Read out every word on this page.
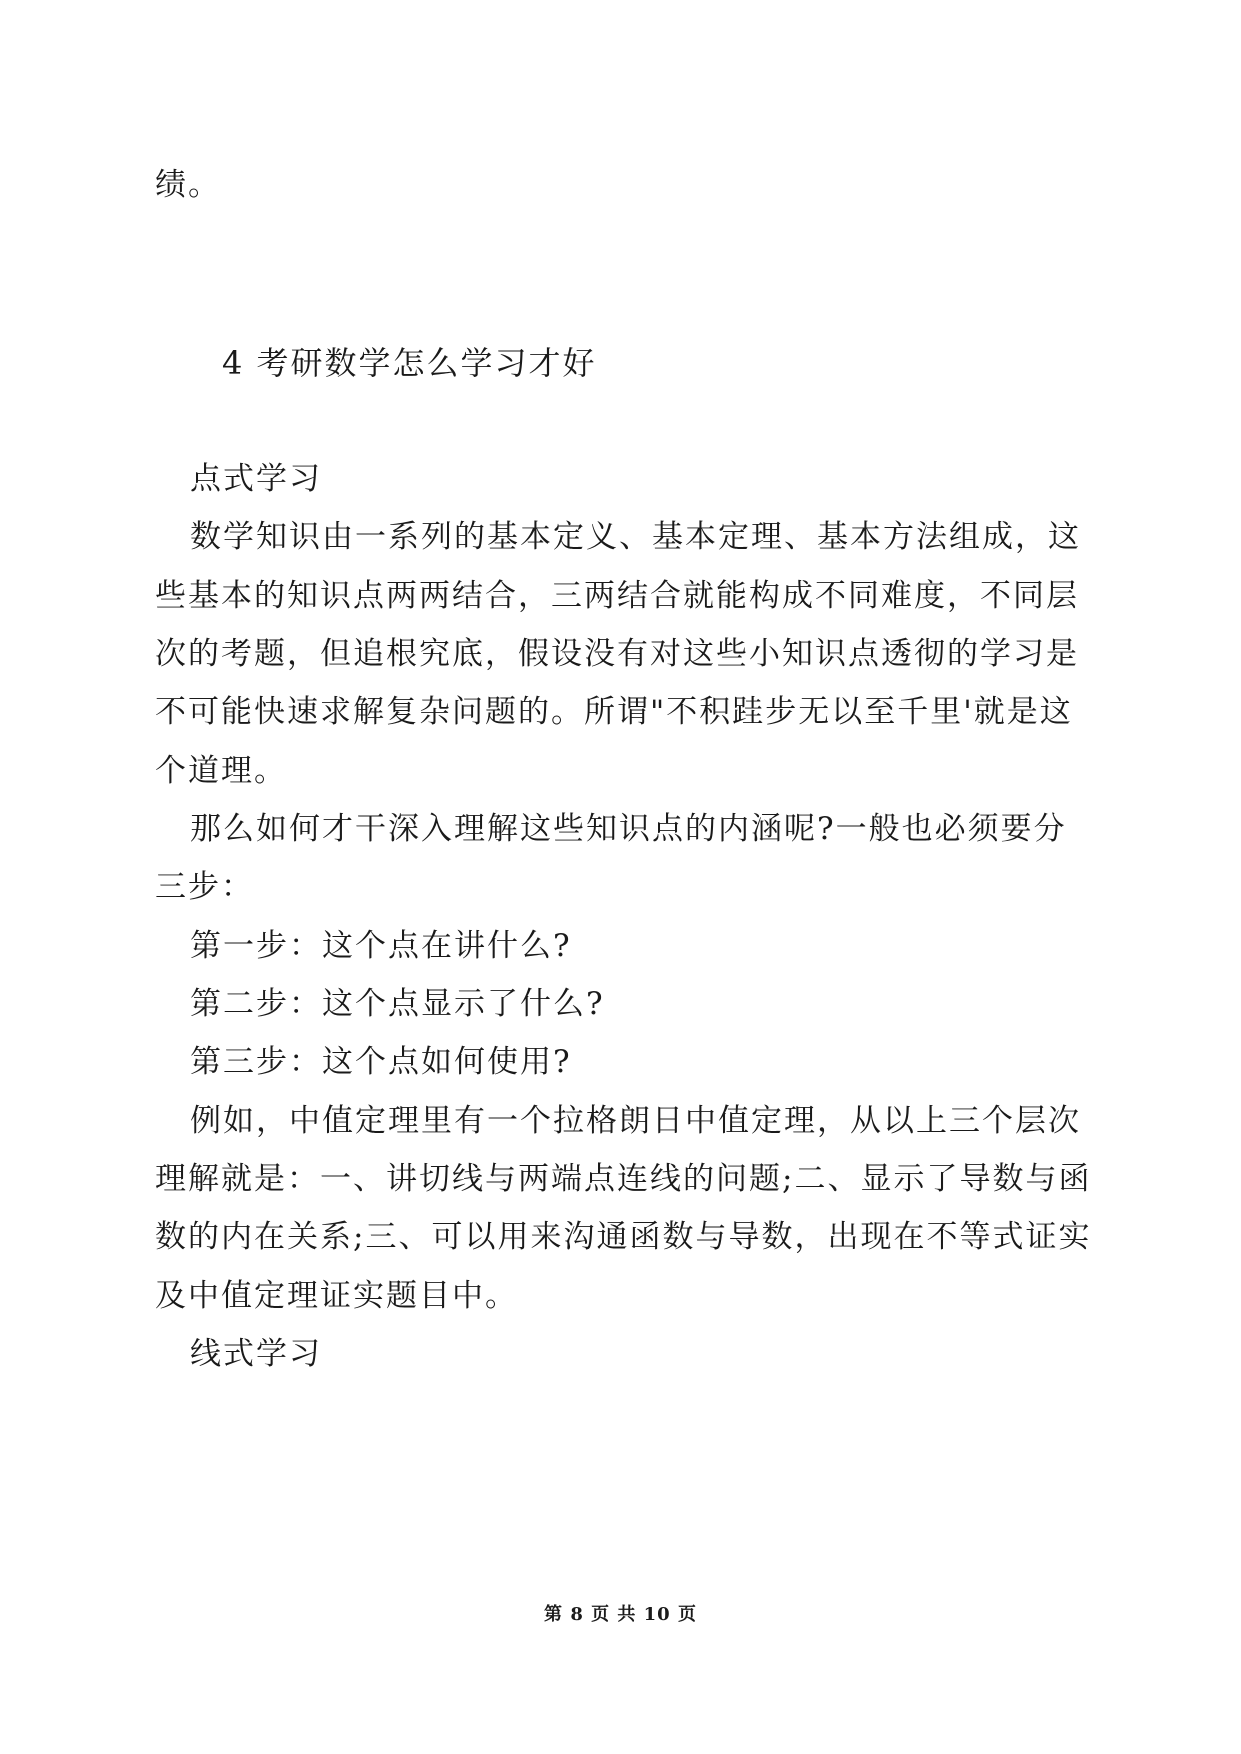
绩。
4 考研数学怎么学习才好
点式学习
数学知识由一系列的基本定义、基本定理、基本方法组成，这
些基本的知识点两两结合，三两结合就能构成不同难度，不同层
次的考题，但追根究底，假设没有对这些小知识点透彻的学习是
不可能快速求解复杂问题的。所谓"不积跬步无以至千里'就是这
个道理。
那么如何才干深入理解这些知识点的内涵呢?一般也必须要分
三步：
第一步：这个点在讲什么?
第二步：这个点显示了什么?
第三步：这个点如何使用?
例如，中值定理里有一个拉格朗日中值定理，从以上三个层次
理解就是：一、讲切线与两端点连线的问题;二、显示了导数与函
数的内在关系;三、可以用来沟通函数与导数，出现在不等式证实
及中值定理证实题目中。
线式学习
第 8 页 共 10 页
